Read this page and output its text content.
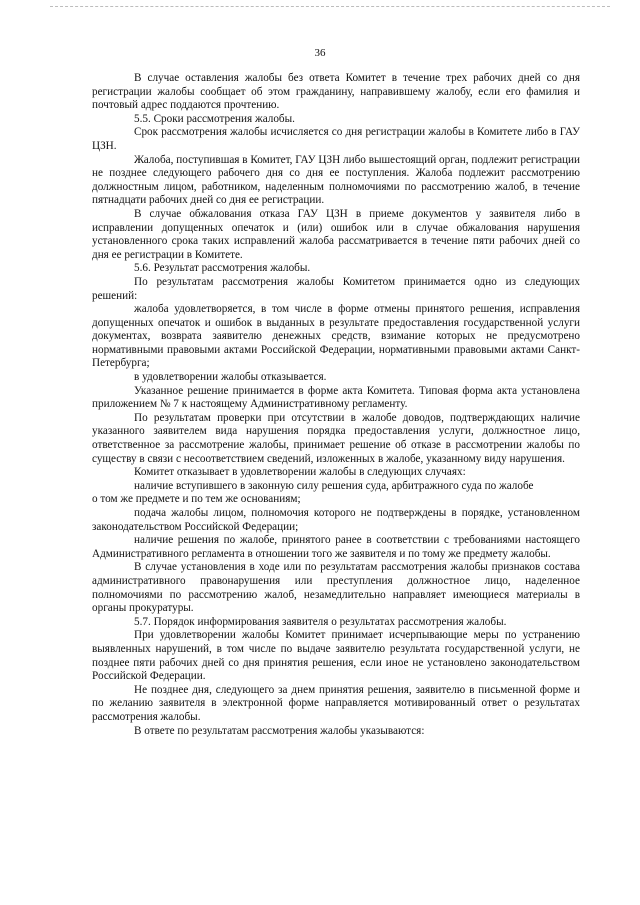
36

В случае оставления жалобы без ответа Комитет в течение трех рабочих дней со дня регистрации жалобы сообщает об этом гражданину, направившему жалобу, если его фамилия и почтовый адрес поддаются прочтению.

5.5. Сроки рассмотрения жалобы.

Срок рассмотрения жалобы исчисляется со дня регистрации жалобы в Комитете либо в ГАУ ЦЗН.

Жалоба, поступившая в Комитет, ГАУ ЦЗН либо вышестоящий орган, подлежит регистрации не позднее следующего рабочего дня со дня ее поступления. Жалоба подлежит рассмотрению должностным лицом, работником, наделенным полномочиями по рассмотрению жалоб, в течение пятнадцати рабочих дней со дня ее регистрации.

В случае обжалования отказа ГАУ ЦЗН в приеме документов у заявителя либо в исправлении допущенных опечаток и (или) ошибок или в случае обжалования нарушения установленного срока таких исправлений жалоба рассматривается в течение пяти рабочих дней со дня ее регистрации в Комитете.

5.6. Результат рассмотрения жалобы.

По результатам рассмотрения жалобы Комитетом принимается одно из следующих решений:

жалоба удовлетворяется, в том числе в форме отмены принятого решения, исправления допущенных опечаток и ошибок в выданных в результате предоставления государственной услуги документах, возврата заявителю денежных средств, взимание которых не предусмотрено нормативными правовыми актами Российской Федерации, нормативными правовыми актами Санкт-Петербурга;

в удовлетворении жалобы отказывается.

Указанное решение принимается в форме акта Комитета. Типовая форма акта установлена приложением № 7 к настоящему Административному регламенту.

По результатам проверки при отсутствии в жалобе доводов, подтверждающих наличие указанного заявителем вида нарушения порядка предоставления услуги, должностное лицо, ответственное за рассмотрение жалобы, принимает решение об отказе в рассмотрении жалобы по существу в связи с несоответствием сведений, изложенных в жалобе, указанному виду нарушения.

Комитет отказывает в удовлетворении жалобы в следующих случаях:

наличие вступившего в законную силу решения суда, арбитражного суда по жалобе

о том же предмете и по тем же основаниям;

подача жалобы лицом, полномочия которого не подтверждены в порядке, установленном законодательством Российской Федерации;

наличие решения по жалобе, принятого ранее в соответствии с требованиями настоящего Административного регламента в отношении того же заявителя и по тому же предмету жалобы.

В случае установления в ходе или по результатам рассмотрения жалобы признаков состава административного правонарушения или преступления должностное лицо, наделенное полномочиями по рассмотрению жалоб, незамедлительно направляет имеющиеся материалы в органы прокуратуры.

5.7. Порядок информирования заявителя о результатах рассмотрения жалобы.

При удовлетворении жалобы Комитет принимает исчерпывающие меры по устранению выявленных нарушений, в том числе по выдаче заявителю результата государственной услуги, не позднее пяти рабочих дней со дня принятия решения, если иное не установлено законодательством Российской Федерации.

Не позднее дня, следующего за днем принятия решения, заявителю в письменной форме и по желанию заявителя в электронной форме направляется мотивированный ответ о результатах рассмотрения жалобы.

В ответе по результатам рассмотрения жалобы указываются:
